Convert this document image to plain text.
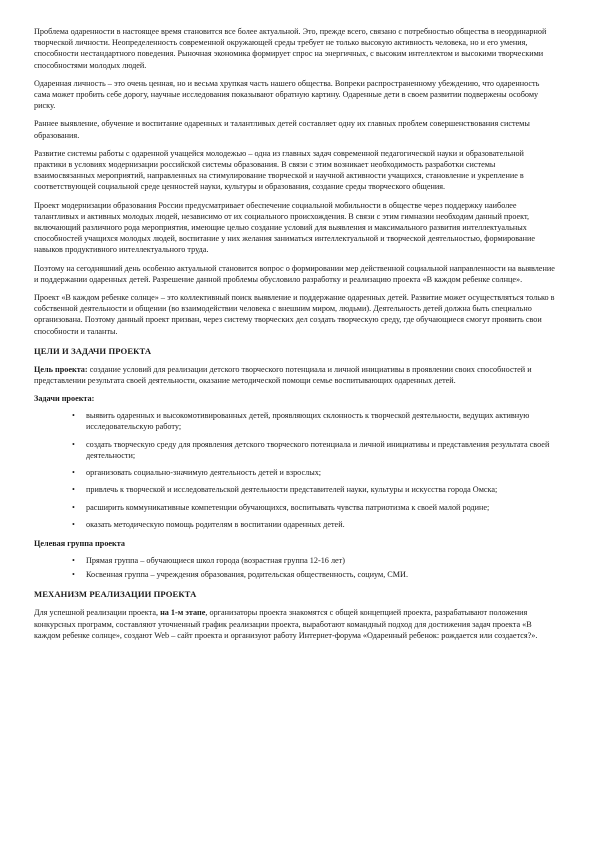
Проблема одаренности в настоящее время становится все более актуальной. Это, прежде всего, связано с потребностью общества в неординарной творческой личности. Неопределенность современной окружающей среды требует не только высокую активность человека, но и его умения, способности нестандартного поведения. Рыночная экономика формирует спрос на энергичных, с высоким интеллектом и высокими творческими способностями молодых людей.

Одаренная личность – это очень ценная, но и весьма хрупкая часть нашего общества. Вопреки распространенному убеждению, что одаренность сама может пробить себе дорогу, научные исследования показывают обратную картину. Одаренные дети в своем развитии подвержены особому риску.

Раннее выявление, обучение и воспитание одаренных и талантливых детей составляет одну их главных проблем совершенствования системы образования.

Развитие системы работы с одаренной учащейся молодежью – одна из главных задач современной педагогической науки и образовательной практики в условиях модернизации российской системы образования. В связи с этим возникает необходимость разработки системы взаимосвязанных мероприятий, направленных на стимулирование творческой и научной активности учащихся, становление и укрепление в соответствующей социальной среде ценностей науки, культуры и образования, создание среды творческого общения.

Проект модернизации образования России предусматривает обеспечение социальной мобильности в обществе через поддержку наиболее талантливых и активных молодых людей, независимо от их социального происхождения. В связи с этим гимназии необходим данный проект, включающий различного рода мероприятия, имеющие целью создание условий для выявления и максимального развития интеллектуальных способностей учащихся молодых людей, воспитание у них желания заниматься интеллектуальной и творческой деятельностью, формирование навыков продуктивного интеллектуального труда.

Поэтому на сегодняшний день особенно актуальной становится вопрос о формировании мер действенной социальной направленности на выявление и поддержании одаренных детей. Разрешение данной проблемы обусловило разработку и реализацию проекта «В каждом ребенке солнце».

Проект «В каждом ребенке солнце» – это коллективный поиск выявление и поддержание одаренных детей. Развитие может осуществляться только в собственной деятельности и общении (во взаимодействии человека с внешним миром, людьми). Деятельность детей должна быть специально организована. Поэтому данный проект призван, через систему творческих дел создать творческую среду, где обучающиеся смогут проявить свои способности и таланты.

ЦЕЛИ И ЗАДАЧИ ПРОЕКТА

Цель проекта: создание условий для реализации детского творческого потенциала и личной инициативы в проявлении своих способностей и представлении результата своей деятельности, оказание методической помощи семье воспитывающих одаренных детей.

Задачи проекта:
• выявить одаренных и высокомотивированных детей, проявляющих склонность к творческой деятельности, ведущих активную исследовательскую работу;
• создать творческую среду для проявления детского творческого потенциала и личной инициативы и представления результата своей деятельности;
• организовать социально-значимую деятельность детей и взрослых;
• привлечь к творческой и исследовательской деятельности представителей науки, культуры и искусства города Омска;
• расширить коммуникативные компетенции обучающихся, воспитывать чувства патриотизма к своей малой родине;
• оказать методическую помощь родителям в воспитании одаренных детей.
Целевая группа проекта
• Прямая группа – обучающиеся школ города (возрастная группа 12-16 лет)
• Косвенная группа – учреждения образования, родительская общественность, социум, СМИ.
МЕХАНИЗМ РЕАЛИЗАЦИИ ПРОЕКТА

Для успешной реализации проекта, на 1-м этапе, организаторы проекта знакомятся с общей концепцией проекта, разрабатывают положения конкурсных программ, составляют уточненный график реализации проекта, выработают командный подход для достижения задач проекта «В каждом ребенке солнце», создают Web – сайт проекта и организуют работу Интернет-форума «Одаренный ребенок: рождается или создается?».
